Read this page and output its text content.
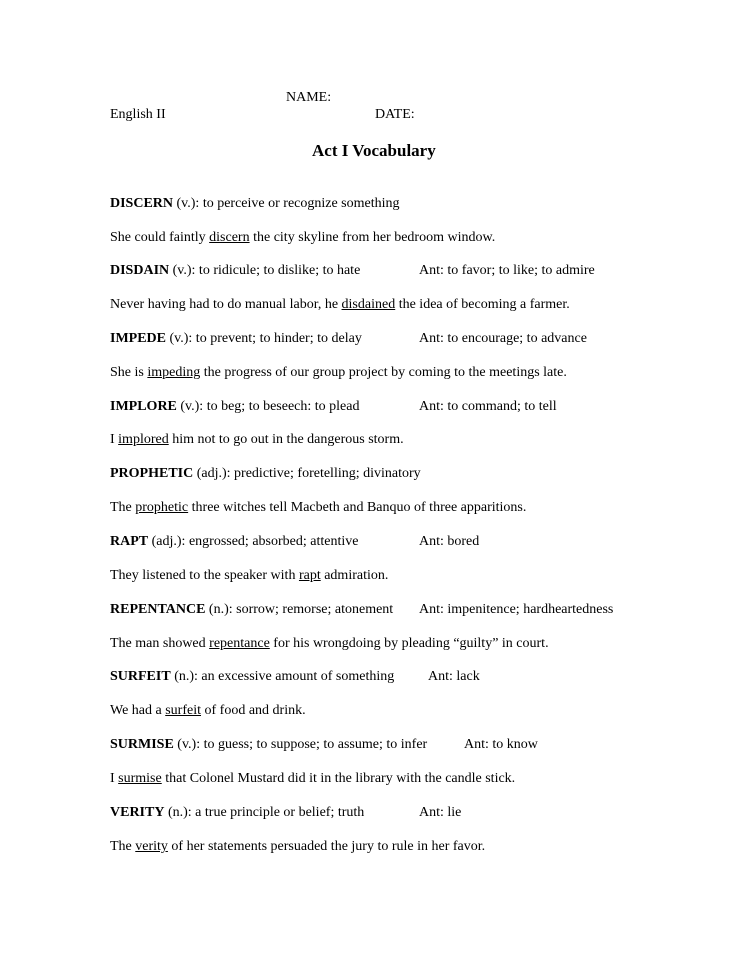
NAME:
English II	DATE:
Act I Vocabulary
DISCERN (v.): to perceive or recognize something
She could faintly discern the city skyline from her bedroom window.
DISDAIN (v.): to ridicule; to dislike; to hate	Ant: to favor; to like; to admire
Never having had to do manual labor, he disdained the idea of becoming a farmer.
IMPEDE (v.): to prevent; to hinder; to delay	Ant: to encourage; to advance
She is impeding the progress of our group project by coming to the meetings late.
IMPLORE (v.): to beg; to beseech: to plead	Ant: to command; to tell
I implored him not to go out in the dangerous storm.
PROPHETIC (adj.): predictive; foretelling; divinatory
The prophetic three witches tell Macbeth and Banquo of three apparitions.
RAPT (adj.): engrossed; absorbed; attentive	Ant: bored
They listened to the speaker with rapt admiration.
REPENTANCE (n.): sorrow; remorse; atonement Ant: impenitence; hardheartedness
The man showed repentance for his wrongdoing by pleading “guilty” in court.
SURFEIT (n.): an excessive amount of something Ant: lack
We had a surfeit of food and drink.
SURMISE (v.): to guess; to suppose; to assume; to infer	Ant: to know
I surmise that Colonel Mustard did it in the library with the candle stick.
VERITY (n.): a true principle or belief; truth	Ant: lie
The verity of her statements persuaded the jury to rule in her favor.
